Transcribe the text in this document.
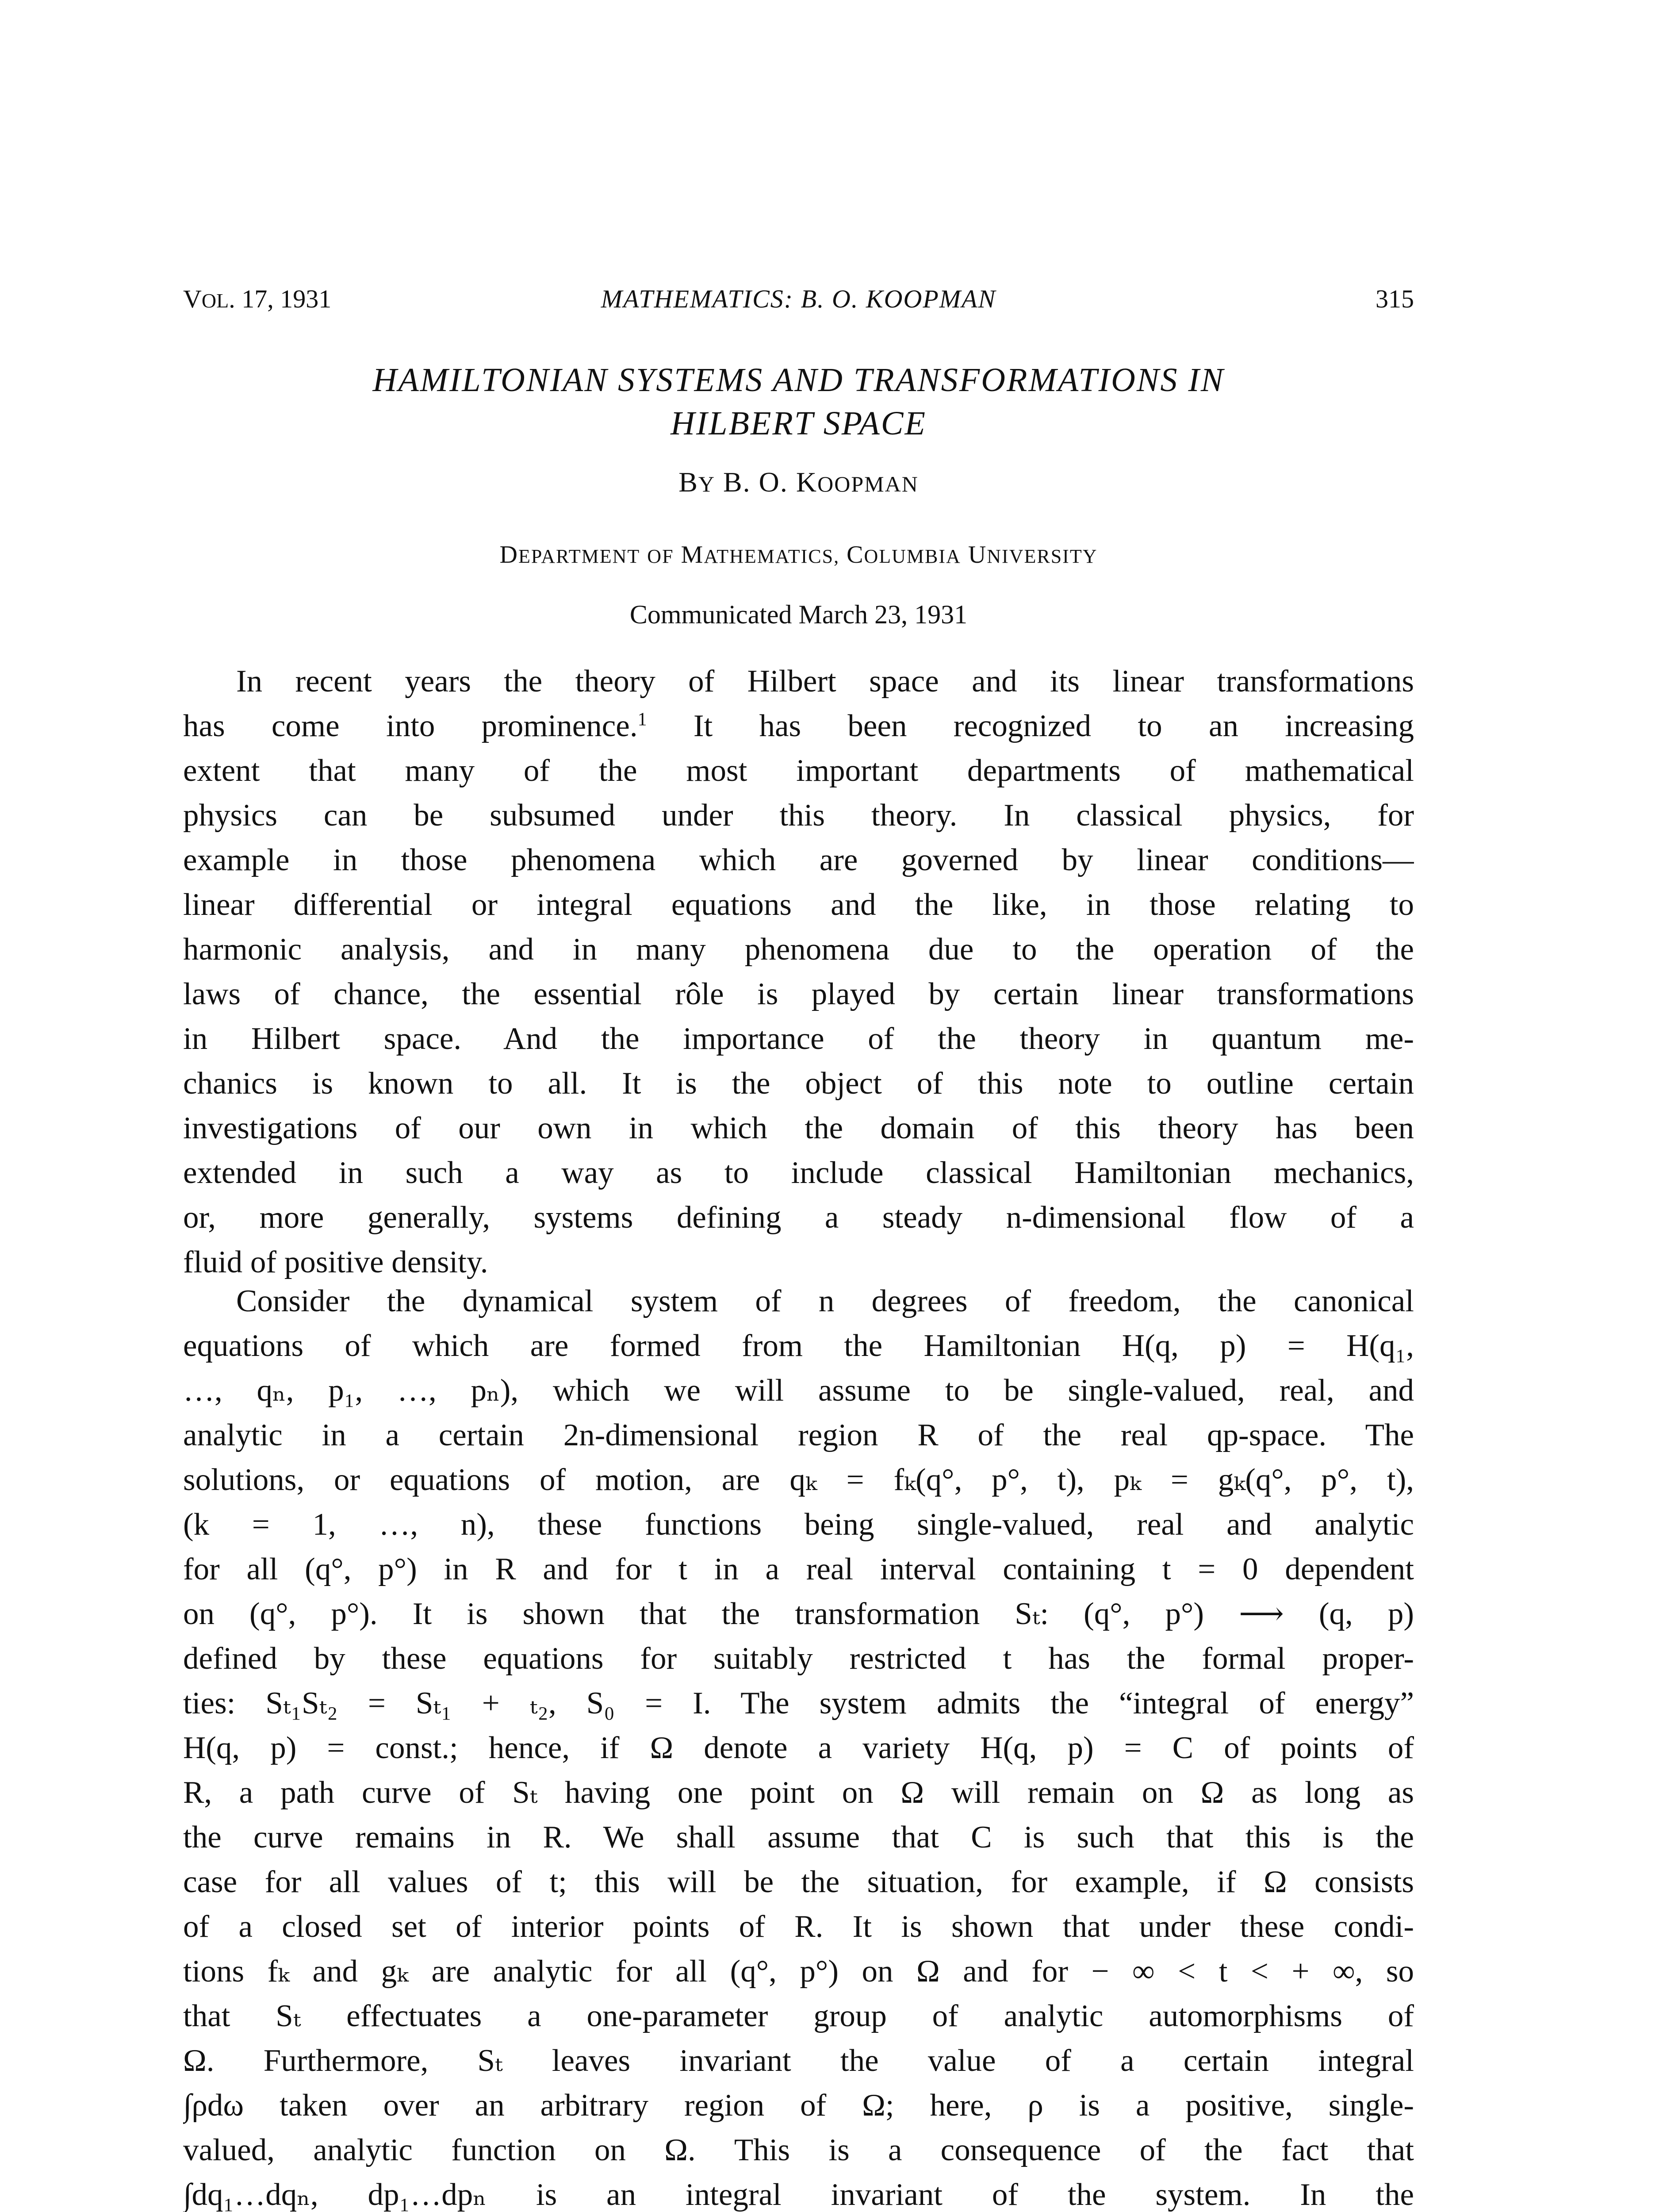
VOL. 17, 1931	MATHEMATICS: B. O. KOOPMAN	315
HAMILTONIAN SYSTEMS AND TRANSFORMATIONS IN
HILBERT SPACE
BY B. O. KOOPMAN
DEPARTMENT OF MATHEMATICS, COLUMBIA UNIVERSITY
Communicated March 23, 1931
In recent years the theory of Hilbert space and its linear transformations
has come into prominence.$^1$ It has been recognized to an increasing
extent that many of the most important departments of mathematical
physics can be subsumed under this theory. In classical physics, for
example in those phenomena which are governed by linear conditions—
linear differential or integral equations and the like, in those relating to
harmonic analysis, and in many phenomena due to the operation of the
laws of chance, the essential rôle is played by certain linear transformations
in Hilbert space. And the importance of the theory in quantum me-
chanics is known to all. It is the object of this note to outline certain
investigations of our own in which the domain of this theory has been
extended in such a way as to include classical Hamiltonian mechanics,
or, more generally, systems defining a steady n-dimensional flow of a
fluid of positive density.
Consider the dynamical system of n degrees of freedom, the canonical
equations of which are formed from the Hamiltonian H(q, p) = H(q₁,
…, qₙ, p₁, …, pₙ), which we will assume to be single-valued, real, and
analytic in a certain 2n-dimensional region R of the real qp-space. The
solutions, or equations of motion, are qₖ = fₖ(q°, p°, t), pₖ = gₖ(q°, p°, t),
(k = 1, …, n), these functions being single-valued, real and analytic
for all (q°, p°) in R and for t in a real interval containing t = 0 dependent
on (q°, p°). It is shown that the transformation Sₜ: (q°, p°) ⟶ (q, p)
defined by these equations for suitably restricted t has the formal proper-
ties: Sₜ₁Sₜ₂ = Sₜ₁ + ₜ₂, S₀ = I. The system admits the “integral of energy”
H(q, p) = const.; hence, if Ω denote a variety H(q, p) = C of points of
R, a path curve of Sₜ having one point on Ω will remain on Ω as long as
the curve remains in R. We shall assume that C is such that this is the
case for all values of t; this will be the situation, for example, if Ω consists
of a closed set of interior points of R. It is shown that under these condi-
tions fₖ and gₖ are analytic for all (q°, p°) on Ω and for − ∞ < t < + ∞, so
that Sₜ effectuates a one-parameter group of analytic automorphisms of
Ω. Furthermore, Sₜ leaves invariant the value of a certain integral
∫ρdω taken over an arbitrary region of Ω; here, ρ is a positive, single-
valued, analytic function on Ω. This is a consequence of the fact that
∫dq₁…dqₙ, dp₁…dpₙ is an integral invariant of the system. In the
